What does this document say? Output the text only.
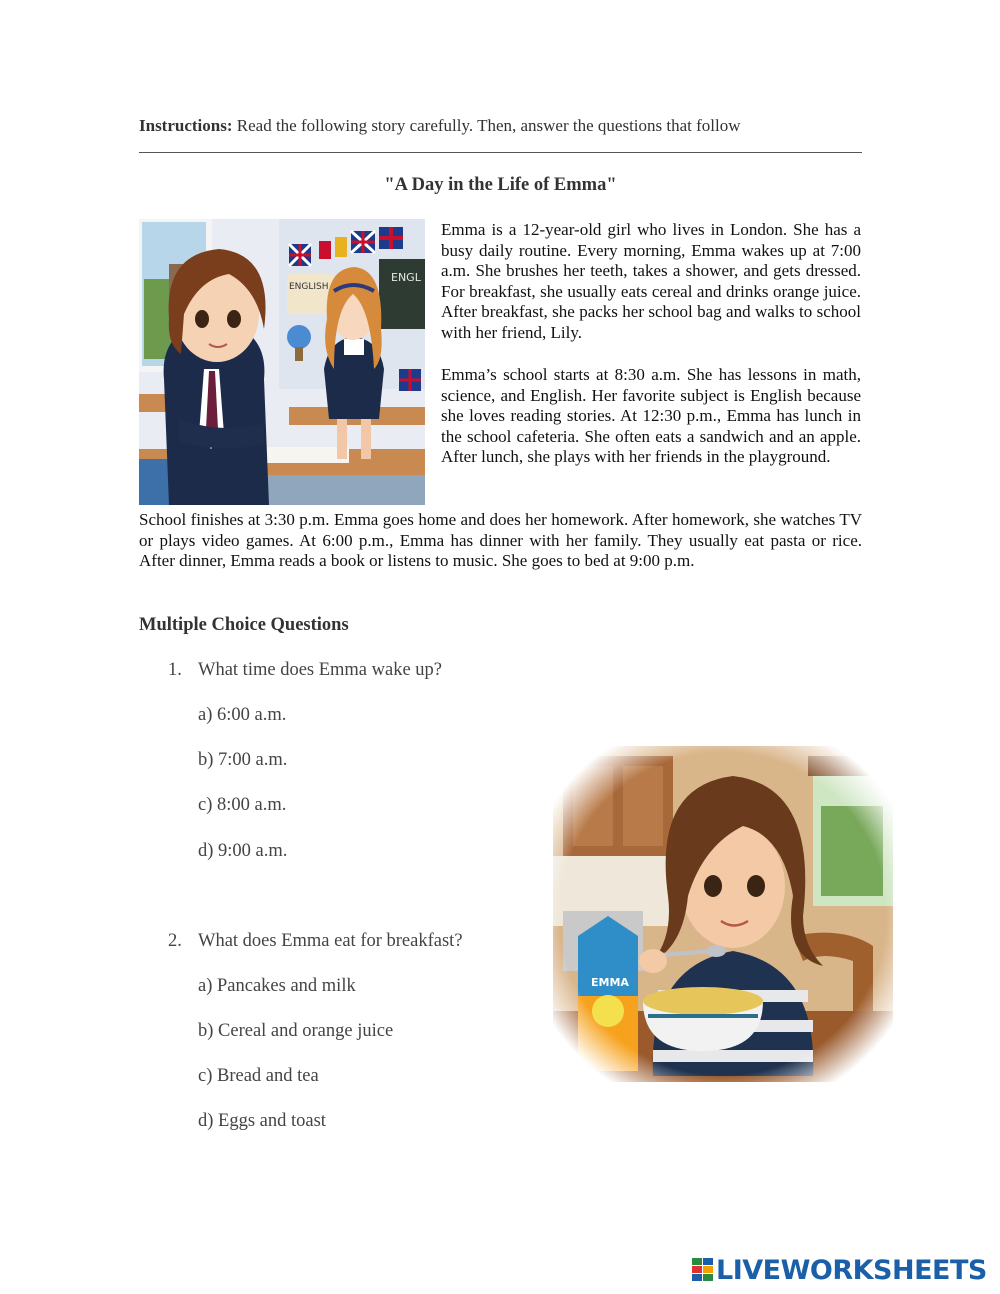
Instructions: Read the following story carefully. Then, answer the questions that follow
"A Day in the Life of Emma"
ENGL
ENGLISH
Emma is a 12-year-old girl who lives in London. She has a busy daily routine. Every morning, Emma wakes up at 7:00 a.m. She brushes her teeth, takes a shower, and gets dressed. For breakfast, she usually eats cereal and drinks orange juice. After breakfast, she packs her school bag and walks to school with her friend, Lily.
Emma’s school starts at 8:30 a.m. She has lessons in math, science, and English. Her favorite subject is English because she loves reading stories. At 12:30 p.m., Emma has lunch in the school cafeteria. She often eats a sandwich and an apple. After lunch, she plays with her friends in the playground.
School finishes at 3:30 p.m. Emma goes home and does her homework. After homework, she watches TV or plays video games. At 6:00 p.m., Emma has dinner with her family. They usually eat pasta or rice. After dinner, Emma reads a book or listens to music. She goes to bed at 9:00 p.m.
Multiple Choice Questions
1. What time does Emma wake up?
a) 6:00 a.m.
b) 7:00 a.m.
c) 8:00 a.m.
d) 9:00 a.m.
2. What does Emma eat for breakfast?
a) Pancakes and milk
b) Cereal and orange juice
c) Bread and tea
d) Eggs and toast
LIVEWORKSHEETS
